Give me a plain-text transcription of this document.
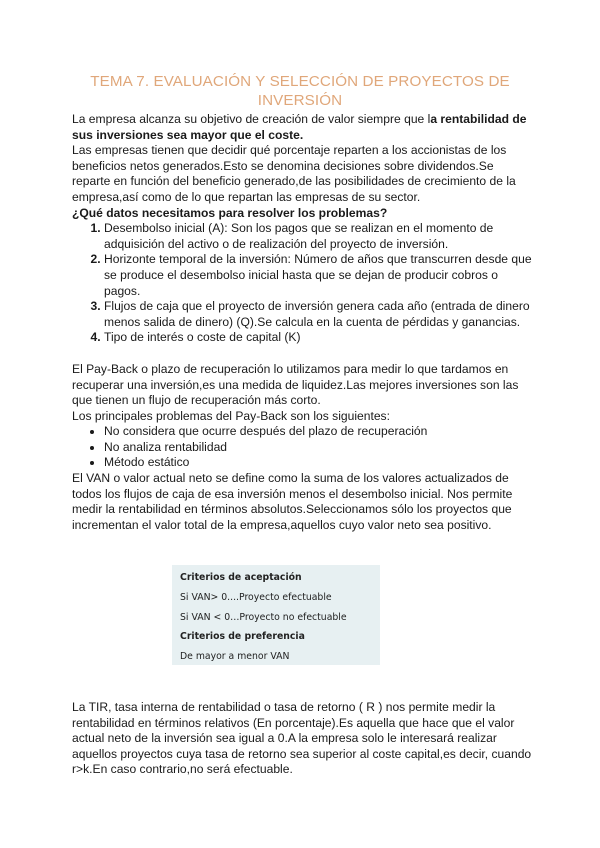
TEMA 7. EVALUACIÓN Y SELECCIÓN DE PROYECTOS DE INVERSIÓN

La empresa alcanza su objetivo de creación de valor siempre que la rentabilidad de sus inversiones sea mayor que el coste.

Las empresas tienen que decidir qué porcentaje reparten a los accionistas de los beneficios netos generados.Esto se denomina decisiones sobre dividendos.Se reparte en función del beneficio generado,de las posibilidades de crecimiento de la empresa,así como de lo que repartan las empresas de su sector.

¿Qué datos necesitamos para resolver los problemas?

1. Desembolso inicial (A): Son los pagos que se realizan en el momento de adquisición del activo o de realización del proyecto de inversión.
2. Horizonte temporal de la inversión: Número de años que transcurren desde que se produce el desembolso inicial hasta que se dejan de producir cobros o pagos.
3. Flujos de caja que el proyecto de inversión genera cada año (entrada de dinero menos salida de dinero) (Q).Se calcula en la cuenta de pérdidas y ganancias.
4. Tipo de interés o coste de capital (K)

El Pay-Back o plazo de recuperación lo utilizamos para medir lo que tardamos en recuperar una inversión,es una medida de liquidez.Las mejores inversiones son las que tienen un flujo de recuperación más corto.

Los principales problemas del Pay-Back son los siguientes:

• No considera que ocurre después del plazo de recuperación
• No analiza rentabilidad
• Método estático

El VAN o valor actual neto se define como la suma de los valores actualizados de todos los flujos de caja de esa inversión menos el desembolso inicial. Nos permite medir la rentabilidad en términos absolutos.Seleccionamos sólo los proyectos que incrementan el valor total de la empresa,aquellos cuyo valor neto sea positivo.

Criterios de aceptación
Si VAN> 0....Proyecto efectuable
Si VAN < 0…Proyecto no efectuable
Criterios de preferencia
De mayor a menor VAN

La TIR, tasa interna de rentabilidad o tasa de retorno ( R ) nos permite medir la rentabilidad en términos relativos (En porcentaje).Es aquella que hace que el valor actual neto de la inversión sea igual a 0.A la empresa solo le interesará realizar aquellos proyectos cuya tasa de retorno sea superior al coste capital,es decir, cuando r>k.En caso contrario,no será efectuable.
